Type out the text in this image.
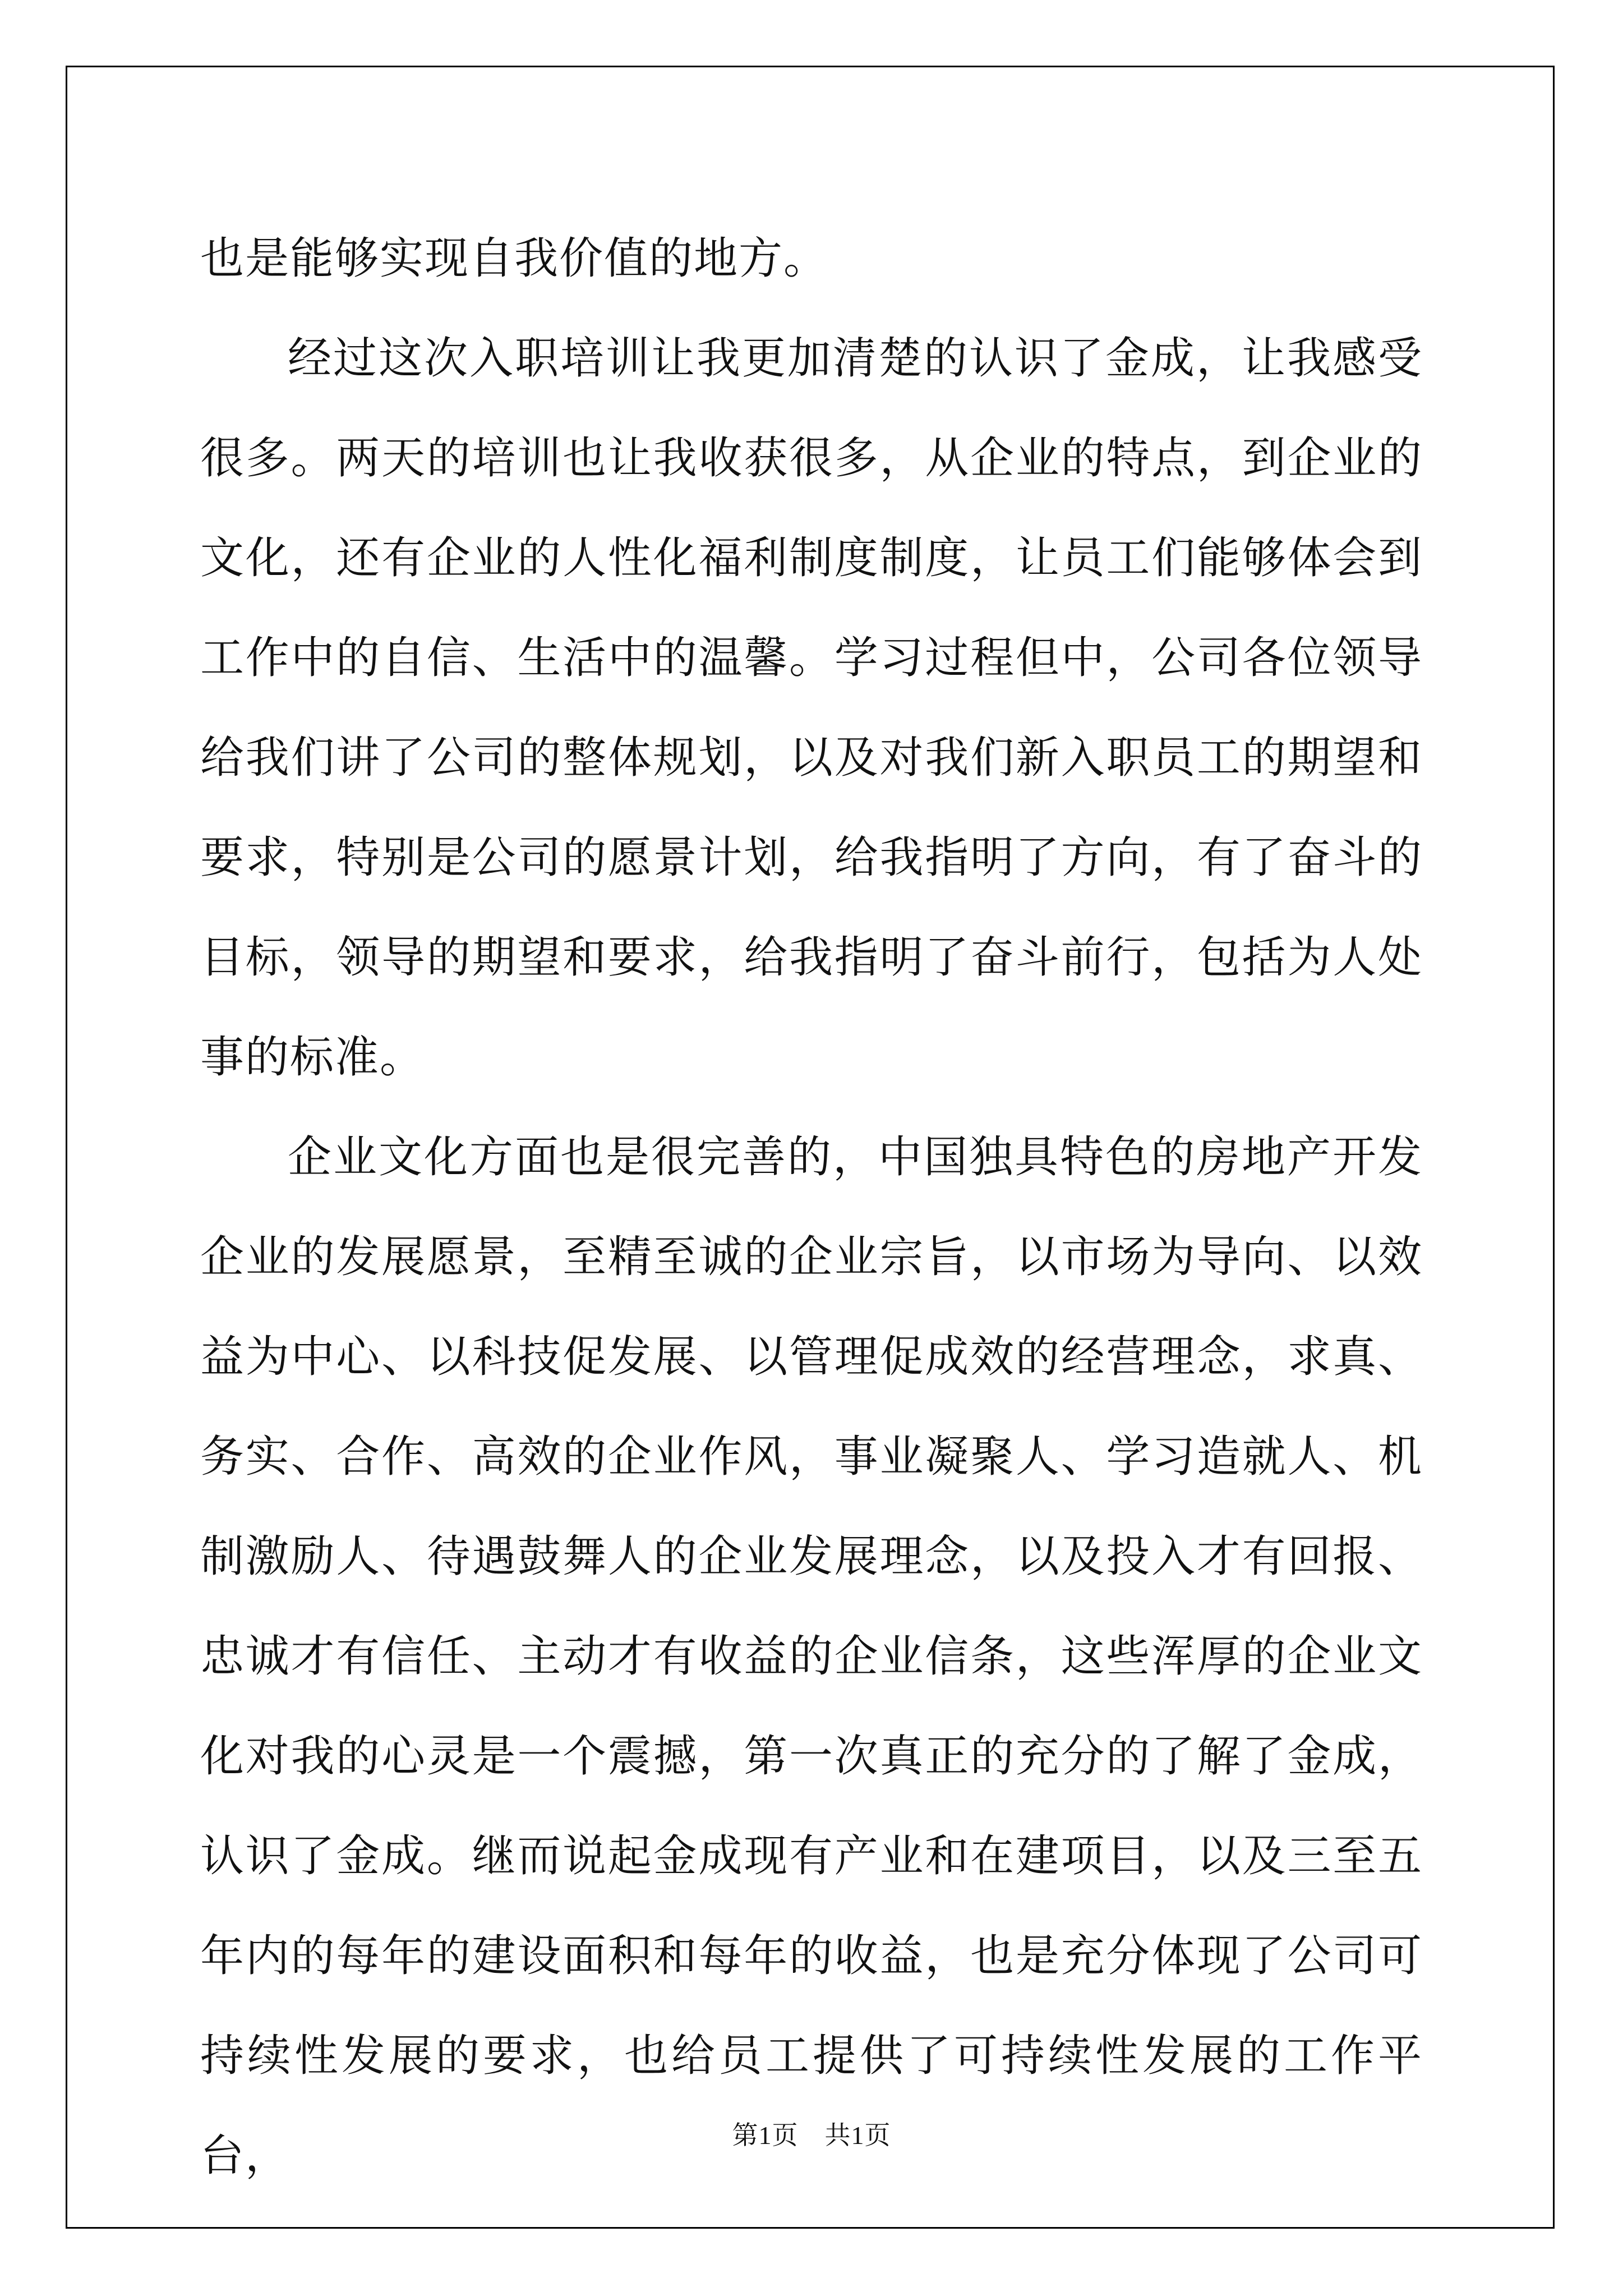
也是能够实现自我价值的地方。

经过这次入职培训让我更加清楚的认识了金成，让我感受很多。两天的培训也让我收获很多，从企业的特点，到企业的文化，还有企业的人性化福利制度制度，让员工们能够体会到工作中的自信、生活中的温馨。学习过程但中，公司各位领导给我们讲了公司的整体规划，以及对我们新入职员工的期望和要求，特别是公司的愿景计划，给我指明了方向，有了奋斗的目标，领导的期望和要求，给我指明了奋斗前行，包括为人处事的标准。

企业文化方面也是很完善的，中国独具特色的房地产开发企业的发展愿景，至精至诚的企业宗旨，以市场为导向、以效益为中心、以科技促发展、以管理促成效的经营理念，求真、务实、合作、高效的企业作风，事业凝聚人、学习造就人、机制激励人、待遇鼓舞人的企业发展理念，以及投入才有回报、忠诚才有信任、主动才有收益的企业信条，这些浑厚的企业文化对我的心灵是一个震撼，第一次真正的充分的了解了金成，认识了金成。继而说起金成现有产业和在建项目，以及三至五年内的每年的建设面积和每年的收益，也是充分体现了公司可持续性发展的要求，也给员工提供了可持续性发展的工作平台，	第1页　共1页
